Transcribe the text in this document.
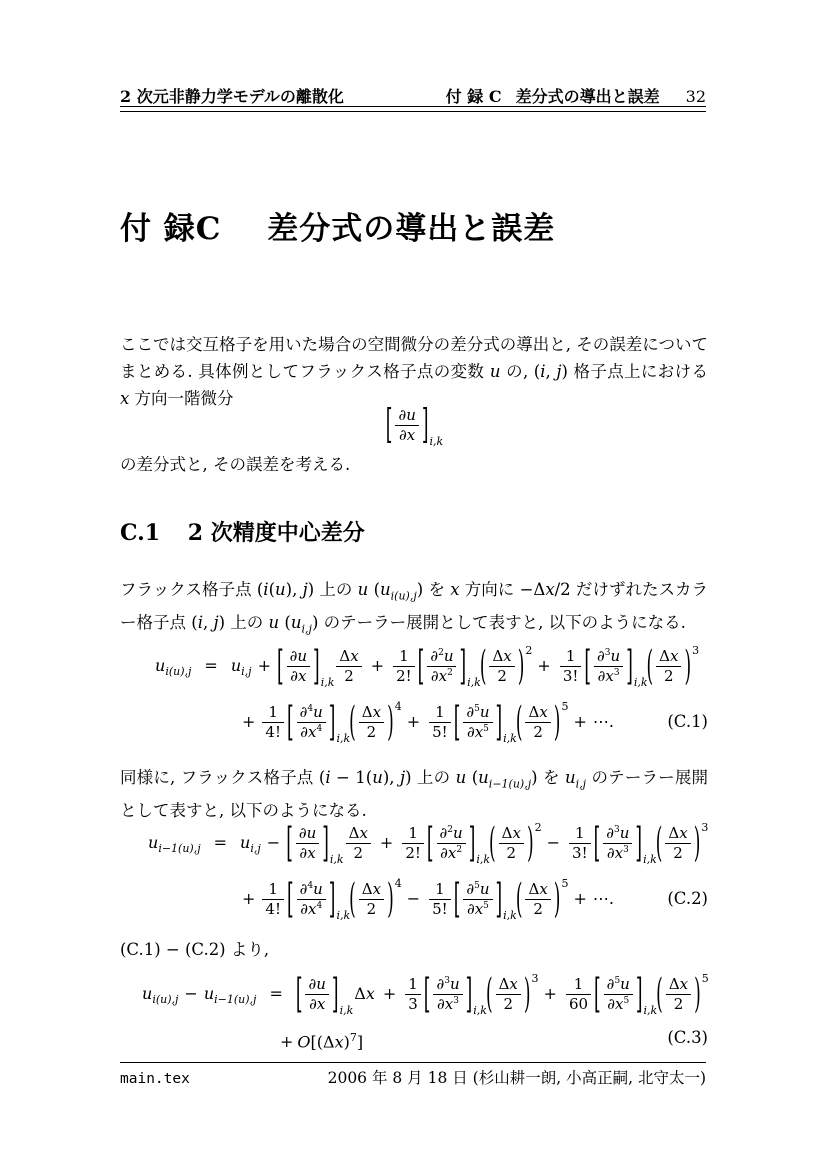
2 次元非静力学モデルの離散化	付 録 C 差分式の導出と誤差 32
付 録C 差分式の導出と誤差

ここでは交互格子を用いた場合の空間微分の差分式の導出と, その誤差についてまとめる. 具体例としてフラックス格子点の変数 u の, (i, j) 格子点上における x 方向一階微分

[ $\frac{\partial u}{\partial x} ]_{i,k}$

の差分式と, その誤差を考える.

C.1 2 次精度中心差分

フラックス格子点 (i(u), j) 上の u $(u_{i(u),j})$ を x 方向に −Δx/2 だけずれたスカラー格子点 (i, j) 上の u $(u_{i,j})$ のテーラー展開として表すと, 以下のようになる.

$u_{i(u),j} = u_{i,j}$ + [ $\frac{\partial u}{\partial x} ]_{i,k} \frac{\Delta x}{2} + \frac{1}{2!}$ [ $\frac{\partial^2u}{\partial x^2} ]_{i,k}( \frac{\Delta x}{2} )^2+ \frac{1}{3!}$ [ $\frac{\partial^3u}{\partial x^3} ]_{i,k}( \frac{\Delta x}{2} )^3$
+ $\frac{1}{4!}$ [ $\frac{\partial^4u}{\partial x^4} ]_{i,k}( \frac{\Delta x}{2} )^4+ \frac{1}{5!}$ [ $\frac{\partial^5u}{\partial x^5} ]_{i,k}( \frac{\Delta x}{2} )^5+$ ⋯.	(C.1)

同様に, フラックス格子点 (i − 1(u), j) 上の u $(u_{i-1(u),j})$ を $u_{i,j}$ のテーラー展開として表すと, 以下のようになる.

$u_{i-1(u),j} = u_{i,j}$ − [ $\frac{\partial u}{\partial x} ]_{i,k} \frac{\Delta x}{2} + \frac{1}{2!}$ [ $\frac{\partial^2u}{\partial x^2} ]_{i,k}( \frac{\Delta x}{2} )^2- \frac{1}{3!}$ [ $\frac{\partial^3u}{\partial x^3} ]_{i,k}( \frac{\Delta x}{2} )^3$
+ $\frac{1}{4!}$ [ $\frac{\partial^4u}{\partial x^4} ]_{i,k}( \frac{\Delta x}{2} )^4- \frac{1}{5!}$ [ $\frac{\partial^5u}{\partial x^5} ]_{i,k}( \frac{\Delta x}{2} )^5+$ ⋯.	(C.2)

(C.1) − (C.2) より,

$u_{i(u),j} - u_{i-1(u),j}$ = [ $\frac{\partial u}{\partial x} ]_{i,k}\Delta x + \frac{1}{3}$ [ $\frac{\partial^3u}{\partial x^3} ]_{i,k}( \frac{\Delta x}{2} )^3+ \frac{1}{60}$ [ $\frac{\partial^5u}{\partial x^5} ]_{i,k}( \frac{\Delta x}{2} )^5$
+ $O[(\Delta x)^7]$	(C.3)
main.tex	2006 年 8 月 18 日 (杉山耕一朗, 小高正嗣, 北守太一)
